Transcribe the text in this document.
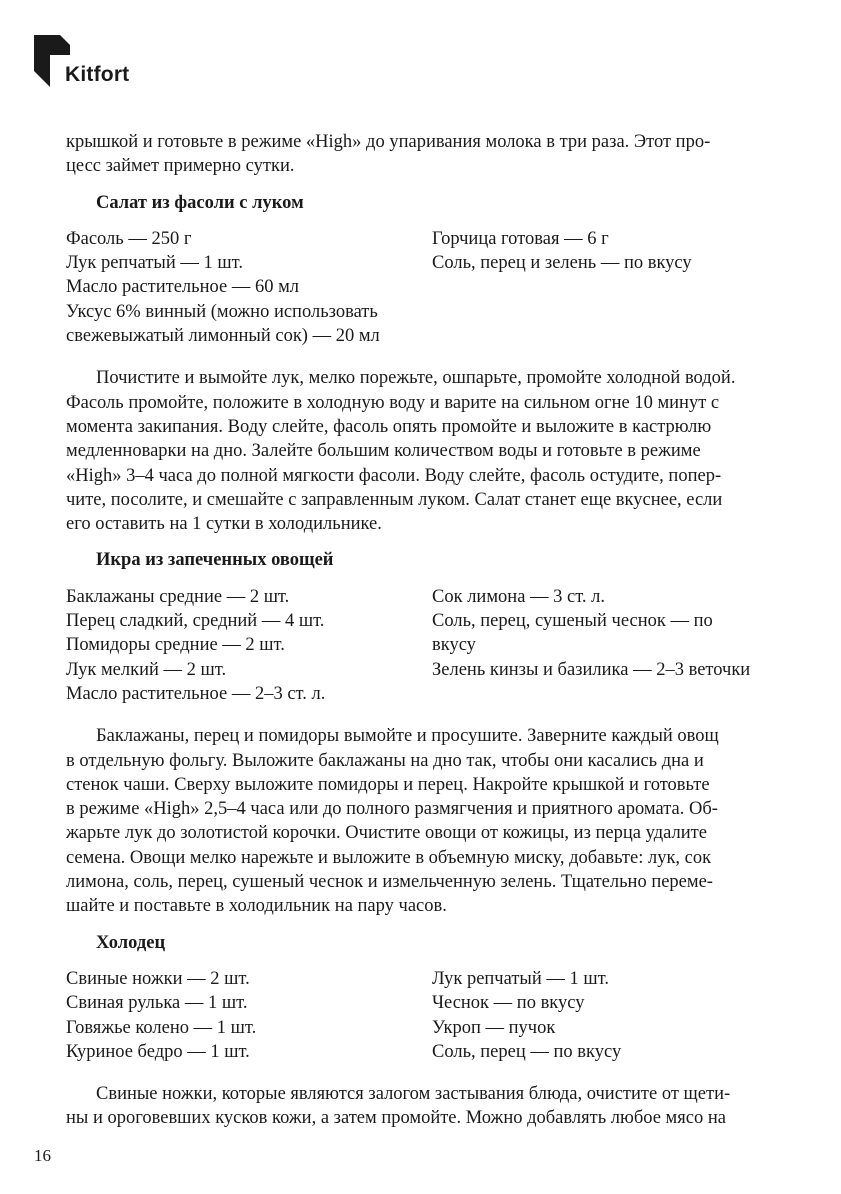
Kitfort

крышкой и готовьте в режиме «High» до упаривания молока в три раза. Этот про-
цесс займет примерно сутки.

Салат из фасоли с луком

Фасоль — 250 г
Лук репчатый — 1 шт.
Масло растительное — 60 мл
Уксус 6% винный (можно использовать
свежевыжатый лимонный сок) — 20 мл
Горчица готовая — 6 г
Соль, перец и зелень — по вкусу

Почистите и вымойте лук, мелко порежьте, ошпарьте, промойте холодной водой.
Фасоль промойте, положите в холодную воду и варите на сильном огне 10 минут с
момента закипания. Воду слейте, фасоль опять промойте и выложите в кастрюлю
медленноварки на дно. Залейте большим количеством воды и готовьте в режиме
«High» 3–4 часа до полной мягкости фасоли. Воду слейте, фасоль остудите, попер-
чите, посолите, и смешайте с заправленным луком. Салат станет еще вкуснее, если
его оставить на 1 сутки в холодильнике.

Икра из запеченных овощей

Баклажаны средние — 2 шт.
Перец сладкий, средний — 4 шт.
Помидоры средние — 2 шт.
Лук мелкий — 2 шт.
Масло растительное — 2–3 ст. л.
Сок лимона — 3 ст. л.
Соль, перец, сушеный чеснок — по
вкусу
Зелень кинзы и базилика — 2–3 веточки

Баклажаны, перец и помидоры вымойте и просушите. Заверните каждый овощ
в отдельную фольгу. Выложите баклажаны на дно так, чтобы они касались дна и
стенок чаши. Сверху выложите помидоры и перец. Накройте крышкой и готовьте
в режиме «High» 2,5–4 часа или до полного размягчения и приятного аромата. Об-
жарьте лук до золотистой корочки. Очистите овощи от кожицы, из перца удалите
семена. Овощи мелко нарежьте и выложите в объемную миску, добавьте: лук, сок
лимона, соль, перец, сушеный чеснок и измельченную зелень. Тщательно переме-
шайте и поставьте в холодильник на пару часов.

Холодец

Свиные ножки — 2 шт.
Свиная рулька — 1 шт.
Говяжье колено — 1 шт.
Куриное бедро — 1 шт.
Лук репчатый — 1 шт.
Чеснок — по вкусу
Укроп — пучок
Соль, перец — по вкусу

Свиные ножки, которые являются залогом застывания блюда, очистите от щети-
ны и ороговевших кусков кожи, а затем промойте. Можно добавлять любое мясо на

16
